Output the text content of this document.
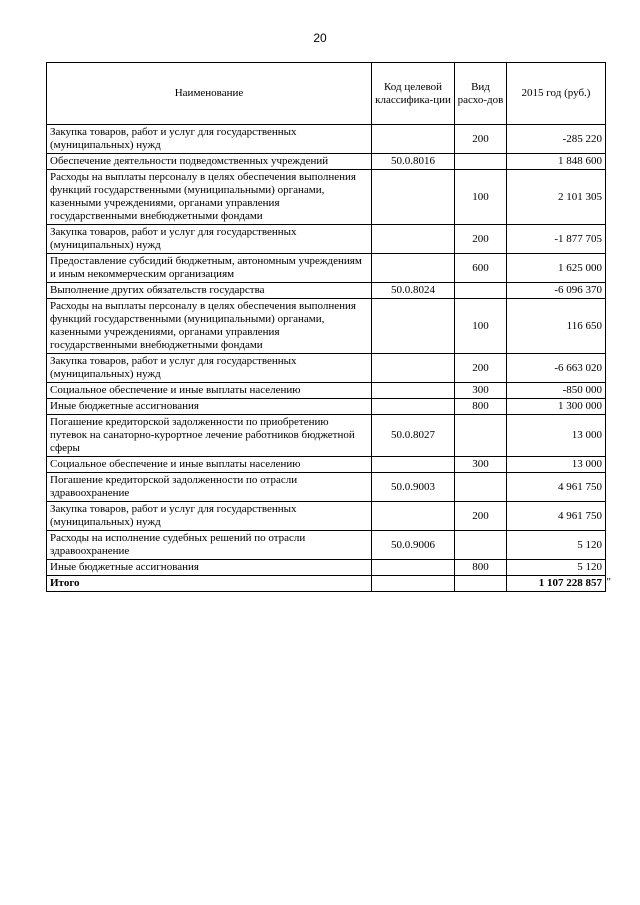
20
Наименование	Код целевой классифика-ции	Вид расхо-дов	2015 год (руб.)
Закупка товаров, работ и услуг для государственных (муниципальных) нужд		200	-285 220
Обеспечение деятельности подведомственных учреждений	50.0.8016		1 848 600
Расходы на выплаты персоналу в целях обеспечения выполнения функций государственными (муниципальными) органами, казенными учреждениями, органами управления государственными внебюджетными фондами		100	2 101 305
Закупка товаров, работ и услуг для государственных (муниципальных) нужд		200	-1 877 705
Предоставление субсидий бюджетным, автономным учреждениям и иным некоммерческим организациям		600	1 625 000
Выполнение других обязательств государства	50.0.8024		-6 096 370
Расходы на выплаты персоналу в целях обеспечения выполнения функций государственными (муниципальными) органами, казенными учреждениями, органами управления государственными внебюджетными фондами		100	116 650
Закупка товаров, работ и услуг для государственных (муниципальных) нужд		200	-6 663 020
Социальное обеспечение и иные выплаты населению		300	-850 000
Иные бюджетные ассигнования		800	1 300 000
Погашение кредиторской задолженности по приобретению путевок на санаторно-курортное лечение работников бюджетной сферы	50.0.8027		13 000
Социальное обеспечение и иные выплаты населению		300	13 000
Погашение кредиторской задолженности по отрасли здравоохранение	50.0.9003		4 961 750
Закупка товаров, работ и услуг для государственных (муниципальных) нужд		200	4 961 750
Расходы на исполнение судебных решений по отрасли здравоохранение	50.0.9006		5 120
Иные бюджетные ассигнования		800	5 120
Итого			1 107 228 857 "
